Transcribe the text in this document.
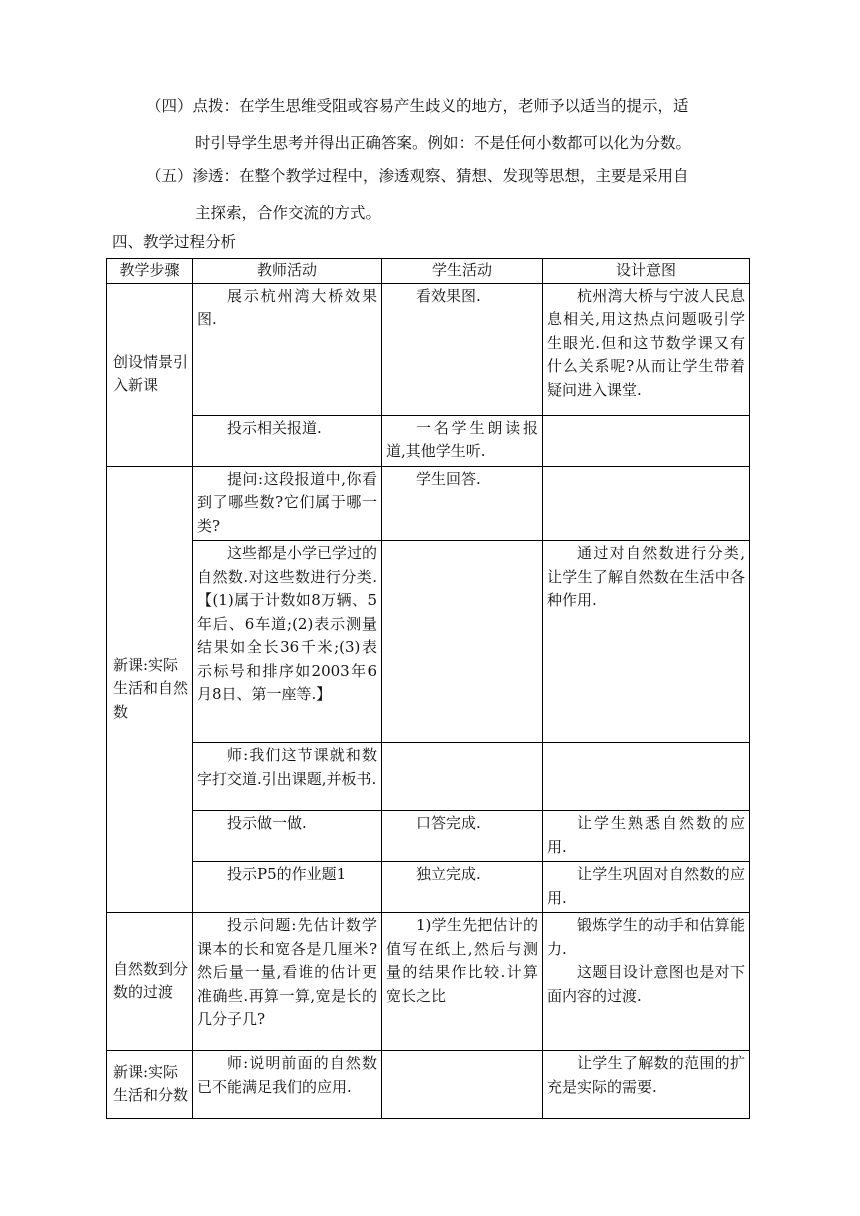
（四）点拨：在学生思维受阻或容易产生歧义的地方，老师予以适当的提示，适
时引导学生思考并得出正确答案。例如：不是任何小数都可以化为分数。
（五）渗透：在整个教学过程中，渗透观察、猜想、发现等思想，主要是采用自
主探索，合作交流的方式。
四、教学过程分析
教学步骤	教师活动	学生活动	设计意图
创设情景引入新课	展示杭州湾大桥效果图.	看效果图.	杭州湾大桥与宁波人民息息相关,用这热点问题吸引学生眼光.但和这节数学课又有什么关系呢?从而让学生带着疑问进入课堂.
	投示相关报道.	一名学生朗读报道,其他学生听.	
新课:实际生活和自然数	提问:这段报道中,你看到了哪些数?它们属于哪一类?	学生回答.	
	这些都是小学已学过的自然数.对这些数进行分类.【(1)属于计数如8万辆、5年后、6车道;(2)表示测量结果如全长36千米;(3)表示标号和排序如2003年6月8日、第一座等.】		通过对自然数进行分类,让学生了解自然数在生活中各种作用.
	师:我们这节课就和数字打交道.引出课题,并板书.		
	投示做一做.	口答完成.	让学生熟悉自然数的应用.
	投示P5的作业题1	独立完成.	让学生巩固对自然数的应用.
自然数到分数的过渡	投示问题:先估计数学课本的长和宽各是几厘米?然后量一量,看谁的估计更准确些.再算一算,宽是长的几分子几?	1)学生先把估计的值写在纸上,然后与测量的结果作比较.计算宽长之比	锻炼学生的动手和估算能力.

这题目设计意图也是对下面内容的过渡.

新课:实际生活和分数	师:说明前面的自然数已不能满足我们的应用.		让学生了解数的范围的扩充是实际的需要.
